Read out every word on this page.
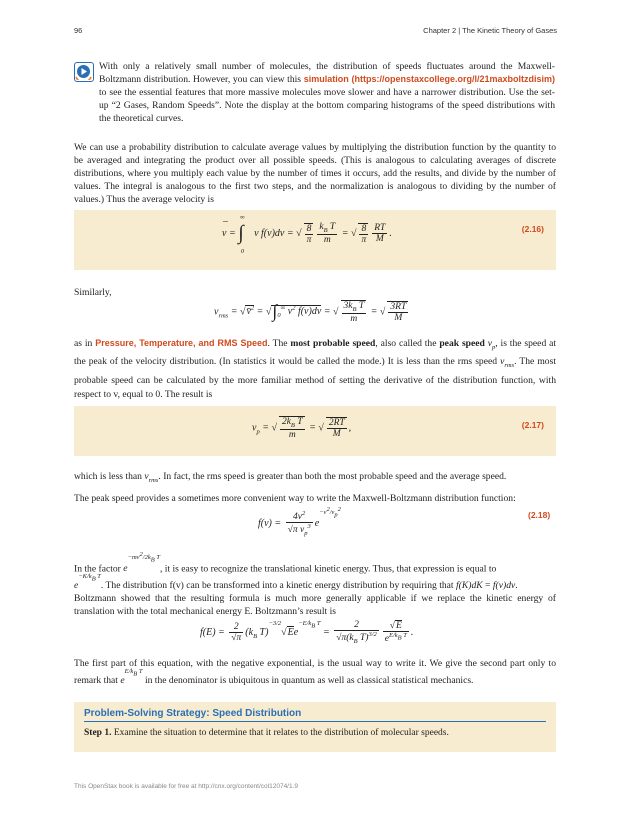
96	Chapter 2 | The Kinetic Theory of Gases
With only a relatively small number of molecules, the distribution of speeds fluctuates around the Maxwell-Boltzmann distribution. However, you can view this simulation (https://openstaxcollege.org/l/21maxboltzdisim) to see the essential features that more massive molecules move slower and have a narrower distribution. Use the set-up “2 Gases, Random Speeds”. Note the display at the bottom comparing histograms of the speed distributions with the theoretical curves.
We can use a probability distribution to calculate average values by multiplying the distribution function by the quantity to be averaged and integrating the product over all possible speeds. (This is analogous to calculating averages of discrete distributions, where you multiply each value by the number of times it occurs, add the results, and divide by the number of values. The integral is analogous to the first two steps, and the normalization is analogous to dividing by the number of values.) Thus the average velocity is
(2.16)
v
¯
= $\int_0^\infty$ v f(v)dv = √ $\frac{8}{\pi} \frac{k_B T}{m}$ = √ $\frac{8}{\pi} \frac{RT}{M}$ .
Similarly,
$v_{rms}$ = √v̄$^2$ = $√\int_0^\infty$ $v^2$ f(v)dv = √ $\frac{3k_B T}{m}$ = √ $\frac{3RT}{M}$
as in Pressure, Temperature, and RMS Speed. The most probable speed, also called the peak speed $v_p$, is the speed at the peak of the velocity distribution. (In statistics it would be called the mode.) It is less than the rms speed $v_{rms}$. The most probable speed can be calculated by the more familiar method of setting the derivative of the distribution function, with respect to v, equal to 0. The result is
(2.17)
$v_p$ = √ $\frac{2k_B T}{m}$ = √ $\frac{2RT}{M}$ ,
which is less than $v_{rms}$. In fact, the rms speed is greater than both the most probable speed and the average speed.
The peak speed provides a sometimes more convenient way to write the Maxwell-Boltzmann distribution function:
$f(v) = \frac{4v^2}{√\pi v_p^3} e^{-v^2/v_p^2}$
(2.18)
In the factor $e^{-mv^2/2k_B T}$, it is easy to recognize the translational kinetic energy. Thus, that expression is equal to
$e^{-K/k_B T}$. The distribution f(v) can be transformed into a kinetic energy distribution by requiring that f(K)dK = f(v)dv.
Boltzmann showed that the resulting formula is much more generally applicable if we replace the kinetic energy of translation with the total mechanical energy E. Boltzmann’s result is
$f(E) = \frac{2}{√\pi} (k_B$ $T)^{-3/2}√Ee^{-E/k_B T} = \frac{2}{√\pi(k_B T)^{3/2}} \frac{√E}{e^{E/k_B T}}$ .
The first part of this equation, with the negative exponential, is the usual way to write it. We give the second part only to remark that $e^{E/k_B T}$ in the denominator is ubiquitous in quantum as well as classical statistical mechanics.
Problem-Solving Strategy: Speed Distribution
Step 1. Examine the situation to determine that it relates to the distribution of molecular speeds.
This OpenStax book is available for free at http://cnx.org/content/col12074/1.9
